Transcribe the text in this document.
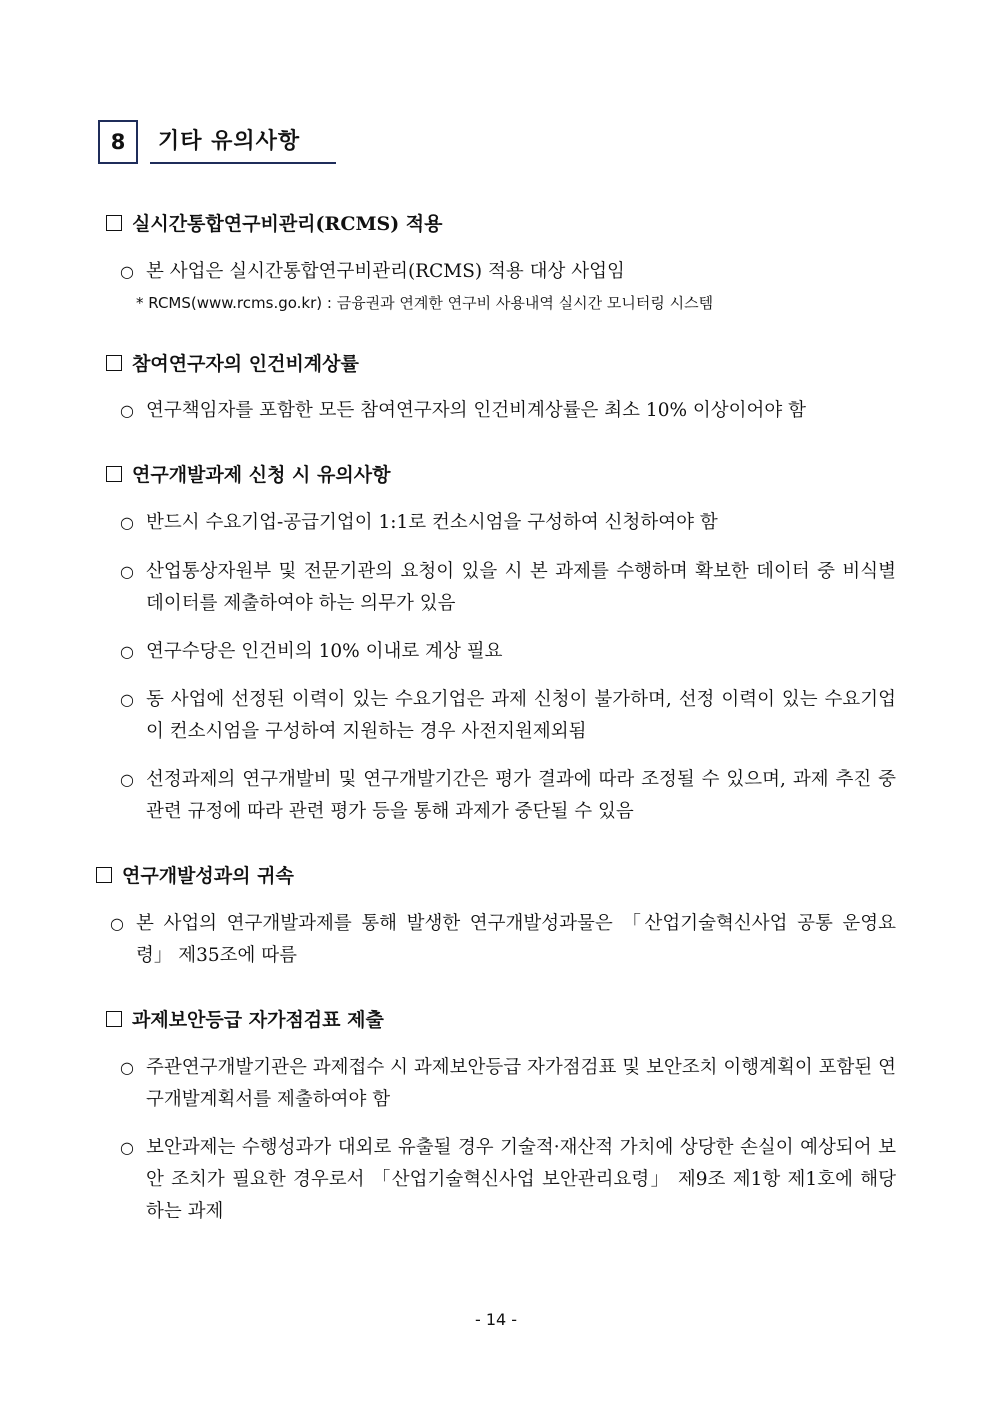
8	기타 유의사항
실시간통합연구비관리(RCMS) 적용
○ 본 사업은 실시간통합연구비관리(RCMS) 적용 대상 사업임
* RCMS(www.rcms.go.kr) : 금융권과 연계한 연구비 사용내역 실시간 모니터링 시스템
참여연구자의 인건비계상률
○ 연구책임자를 포함한 모든 참여연구자의 인건비계상률은 최소 10% 이상이어야 함
연구개발과제 신청 시 유의사항
○ 반드시 수요기업-공급기업이 1:1로 컨소시엄을 구성하여 신청하여야 함
○ 산업통상자원부 및 전문기관의 요청이 있을 시 본 과제를 수행하며 확보한 데이터 중 비식별 데이터를 제출하여야 하는 의무가 있음
○ 연구수당은 인건비의 10% 이내로 계상 필요
○ 동 사업에 선정된 이력이 있는 수요기업은 과제 신청이 불가하며, 선정 이력이 있는 수요기업이 컨소시엄을 구성하여 지원하는 경우 사전지원제외됨
○ 선정과제의 연구개발비 및 연구개발기간은 평가 결과에 따라 조정될 수 있으며, 과제 추진 중 관련 규정에 따라 관련 평가 등을 통해 과제가 중단될 수 있음
연구개발성과의 귀속
○ 본 사업의 연구개발과제를 통해 발생한 연구개발성과물은 「산업기술혁신사업 공통 운영요령」 제35조에 따름
과제보안등급 자가점검표 제출
○ 주관연구개발기관은 과제접수 시 과제보안등급 자가점검표 및 보안조치 이행계획이 포함된 연구개발계획서를 제출하여야 함
○ 보안과제는 수행성과가 대외로 유출될 경우 기술적·재산적 가치에 상당한 손실이 예상되어 보안 조치가 필요한 경우로서 「산업기술혁신사업 보안관리요령」 제9조 제1항 제1호에 해당하는 과제
- 14 -
